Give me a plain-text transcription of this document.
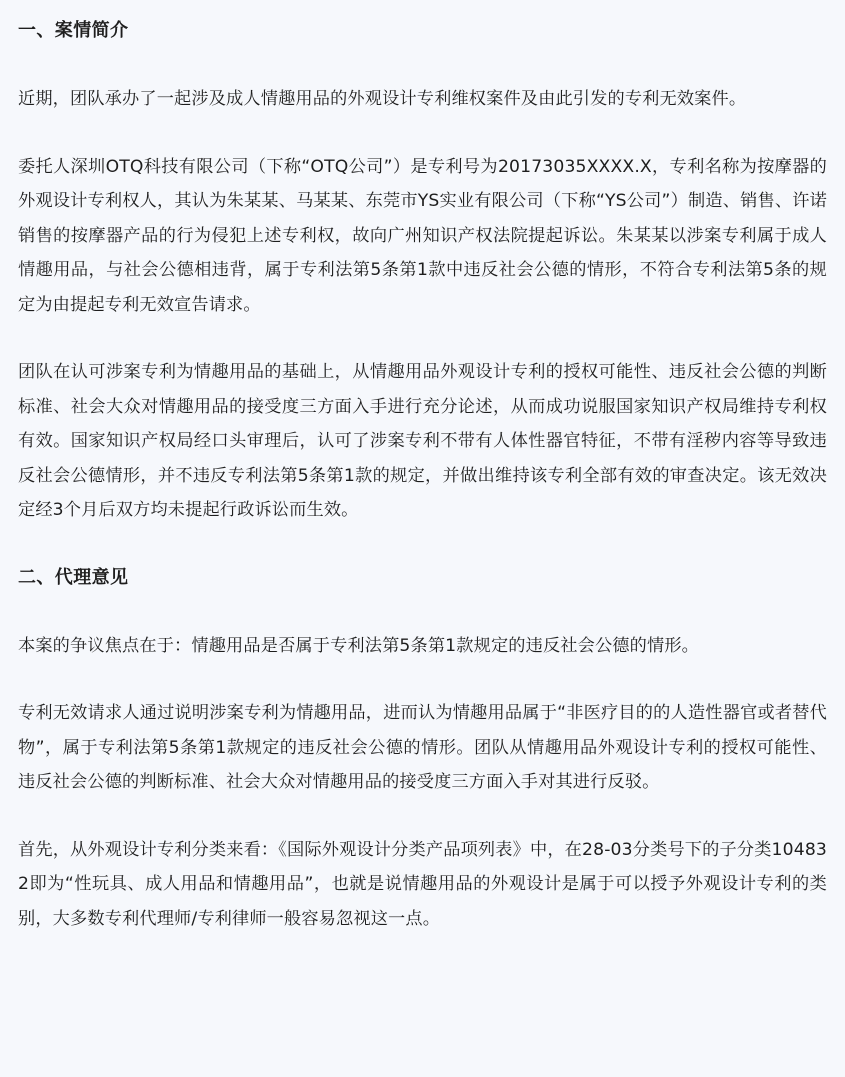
一、案情简介

近期，团队承办了一起涉及成人情趣用品的外观设计专利维权案件及由此引发的专利无效案件。

委托人深圳OTQ科技有限公司（下称“OTQ公司”）是专利号为20173035XXXX.X，专利名称为按摩器的外观设计专利权人，其认为朱某某、马某某、东莞市YS实业有限公司（下称“YS公司”）制造、销售、许诺销售的按摩器产品的行为侵犯上述专利权，故向广州知识产权法院提起诉讼。朱某某以涉案专利属于成人情趣用品，与社会公德相违背，属于专利法第5条第1款中违反社会公德的情形，不符合专利法第5条的规定为由提起专利无效宣告请求。

团队在认可涉案专利为情趣用品的基础上，从情趣用品外观设计专利的授权可能性、违反社会公德的判断标准、社会大众对情趣用品的接受度三方面入手进行充分论述，从而成功说服国家知识产权局维持专利权有效。国家知识产权局经口头审理后，认可了涉案专利不带有人体性器官特征，不带有淫秽内容等导致违反社会公德情形，并不违反专利法第5条第1款的规定，并做出维持该专利全部有效的审查决定。该无效决定经3个月后双方均未提起行政诉讼而生效。

二、代理意见

本案的争议焦点在于：情趣用品是否属于专利法第5条第1款规定的违反社会公德的情形。

专利无效请求人通过说明涉案专利为情趣用品，进而认为情趣用品属于“非医疗目的的人造性器官或者替代物”，属于专利法第5条第1款规定的违反社会公德的情形。团队从情趣用品外观设计专利的授权可能性、违反社会公德的判断标准、社会大众对情趣用品的接受度三方面入手对其进行反驳。

首先，从外观设计专利分类来看：《国际外观设计分类产品项列表》中，在28-03分类号下的子分类104832即为“性玩具、成人用品和情趣用品”，也就是说情趣用品的外观设计是属于可以授予外观设计专利的类别，大多数专利代理师/专利律师一般容易忽视这一点。
